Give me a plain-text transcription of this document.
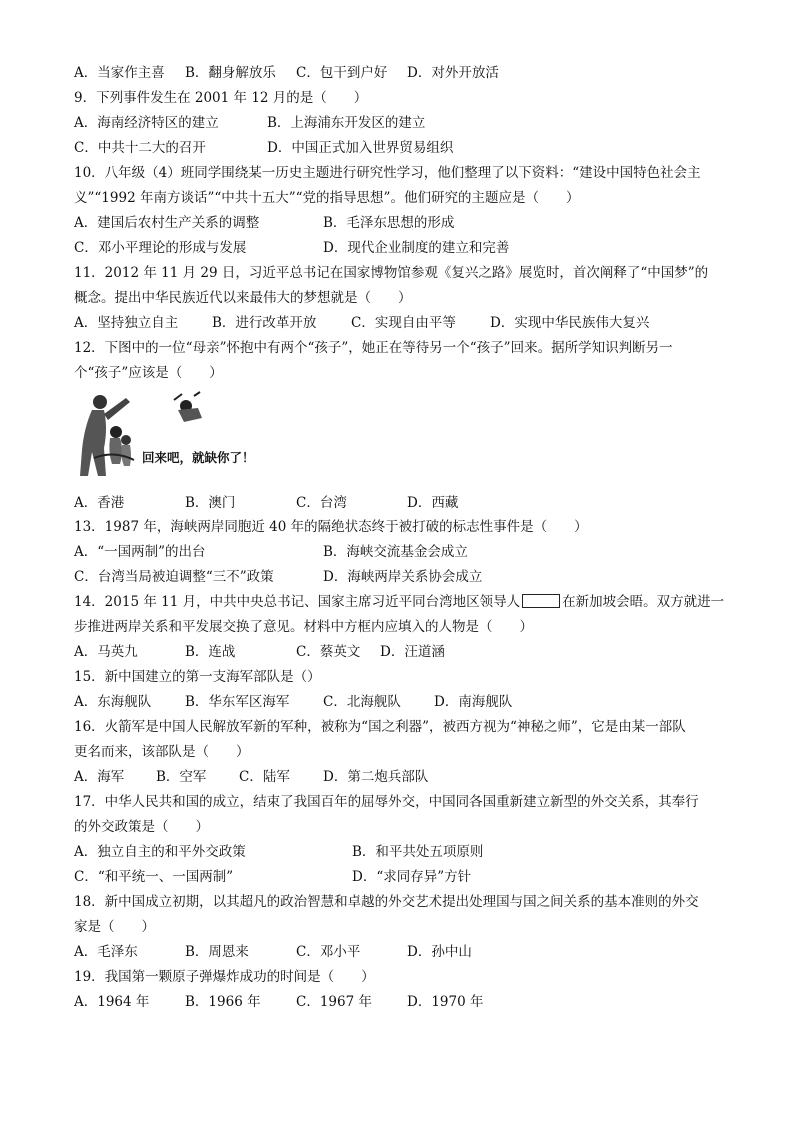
A．当家作主喜 B．翻身解放乐 C．包干到户好 D．对外开放活
9．下列事件发生在 2001 年 12 月的是（　　）
A．海南经济特区的建立	B．上海浦东开发区的建立
C．中共十二大的召开	D．中国正式加入世界贸易组织
10．八年级（4）班同学围绕某一历史主题进行研究性学习，他们整理了以下资料：“建设中国特色社会主
义”“1992 年南方谈话”“中共十五大”“党的指导思想”。他们研究的主题应是（　　）
A．建国后农村生产关系的调整	B．毛泽东思想的形成
C．邓小平理论的形成与发展	D．现代企业制度的建立和完善
11．2012 年 11 月 29 日，习近平总书记在国家博物馆参观《复兴之路》展览时，首次阐释了“中国梦”的
概念。提出中华民族近代以来最伟大的梦想就是（　　）
A．坚持独立自主	B．进行改革开放	C．实现自由平等	D．实现中华民族伟大复兴
12．下图中的一位“母亲”怀抱中有两个“孩子”，她正在等待另一个“孩子”回来。据所学知识判断另一
个“孩子”应该是（　　）
回来吧，就缺你了！
A．香港	B．澳门	C．台湾	D．西藏
13．1987 年，海峡两岸同胞近 40 年的隔绝状态终于被打破的标志性事件是（　　）
A．“一国两制”的出台	B．海峡交流基金会成立
C．台湾当局被迫调整“三不”政策	D．海峡两岸关系协会成立
14．2015 年 11 月，中共中央总书记、国家主席习近平同台湾地区领导人	在新加坡会晤。双方就进一
步推进两岸关系和平发展交换了意见。材料中方框内应填入的人物是（　　）
A．马英九	B．连战	C．蔡英文 D．汪道涵
15．新中国建立的第一支海军部队是（）
A．东海舰队	B．华东军区海军 C．北海舰队 D．南海舰队
16．火箭军是中国人民解放军新的军种，被称为“国之利器”，被西方视为“神秘之师”，它是由某一部队
更名而来，该部队是（　　）
A．海军 B．空军 C．陆军 D．第二炮兵部队
17．中华人民共和国的成立，结束了我国百年的屈辱外交，中国同各国重新建立新型的外交关系，其奉行
的外交政策是（　　）
A．独立自主的和平外交政策	B．和平共处五项原则
C．“和平统一、一国两制”	D．“求同存异”方针
18．新中国成立初期，以其超凡的政治智慧和卓越的外交艺术提出处理国与国之间关系的基本准则的外交
家是（　　）
A．毛泽东	B．周恩来	C．邓小平	D．孙中山
19．我国第一颗原子弹爆炸成功的时间是（　　）
A．1964 年	B．1966 年	C．1967 年	D．1970 年
